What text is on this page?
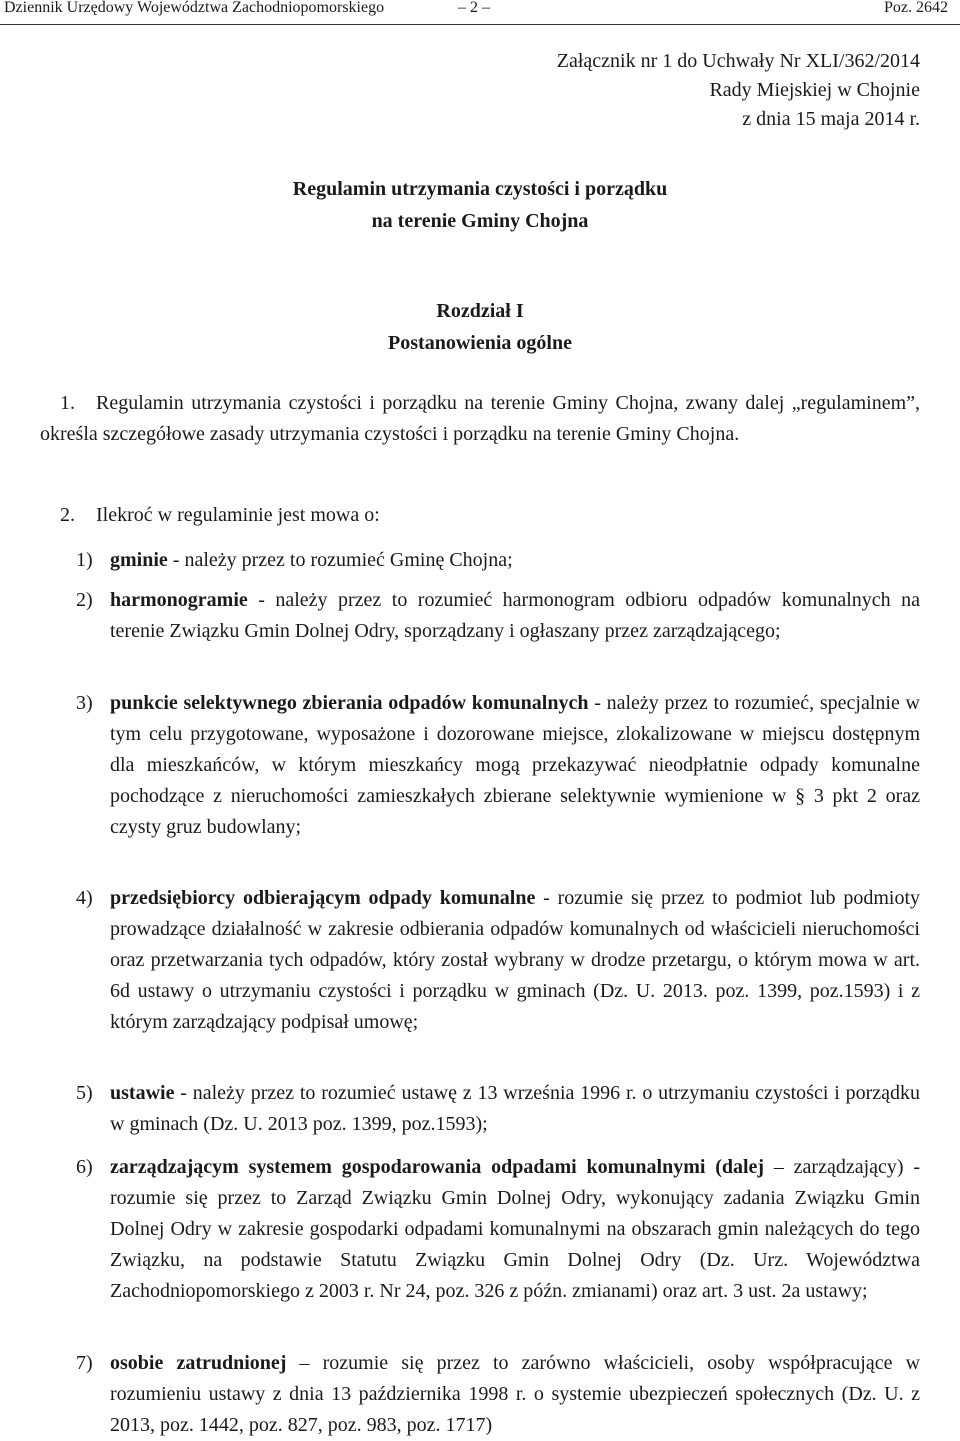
Dziennik Urzędowy Województwa Zachodniopomorskiego	– 2 –	Poz. 2642
Załącznik nr 1 do Uchwały Nr XLI/362/2014
Rady Miejskiej w Chojnie
z dnia 15 maja 2014 r.
Regulamin utrzymania czystości i porządku
na terenie Gminy Chojna
Rozdział I
Postanowienia ogólne
1. Regulamin utrzymania czystości i porządku na terenie Gminy Chojna, zwany dalej „regulaminem”, określa szczegółowe zasady utrzymania czystości i porządku na terenie Gminy Chojna.
2. Ilekroć w regulaminie jest mowa o:
1) gminie - należy przez to rozumieć Gminę Chojna;
2) harmonogramie - należy przez to rozumieć harmonogram odbioru odpadów komunalnych na terenie Związku Gmin Dolnej Odry, sporządzany i ogłaszany przez zarządzającego;
3) punkcie selektywnego zbierania odpadów komunalnych - należy przez to rozumieć, specjalnie w tym celu przygotowane, wyposażone i dozorowane miejsce, zlokalizowane w miejscu dostępnym dla mieszkańców, w którym mieszkańcy mogą przekazywać nieodpłatnie odpady komunalne pochodzące z nieruchomości zamieszkałych zbierane selektywnie wymienione w § 3 pkt 2 oraz czysty gruz budowlany;
4) przedsiębiorcy odbierającym odpady komunalne - rozumie się przez to podmiot lub podmioty prowadzące działalność w zakresie odbierania odpadów komunalnych od właścicieli nieruchomości oraz przetwarzania tych odpadów, który został wybrany w drodze przetargu, o którym mowa w art. 6d ustawy o utrzymaniu czystości i porządku w gminach (Dz. U. 2013. poz. 1399, poz.1593) i z którym zarządzający podpisał umowę;
5) ustawie - należy przez to rozumieć ustawę z 13 września 1996 r. o utrzymaniu czystości i porządku w gminach (Dz. U. 2013 poz. 1399, poz.1593);
6) zarządzającym systemem gospodarowania odpadami komunalnymi (dalej – zarządzający) - rozumie się przez to Zarząd Związku Gmin Dolnej Odry, wykonujący zadania Związku Gmin Dolnej Odry w zakresie gospodarki odpadami komunalnymi na obszarach gmin należących do tego Związku, na podstawie Statutu Związku Gmin Dolnej Odry (Dz. Urz. Województwa Zachodniopomorskiego z 2003 r. Nr 24, poz. 326 z późn. zmianami) oraz art. 3 ust. 2a ustawy;
7) osobie zatrudnionej – rozumie się przez to zarówno właścicieli, osoby współpracujące w rozumieniu ustawy z dnia 13 października 1998 r. o systemie ubezpieczeń społecznych (Dz. U. z 2013, poz. 1442, poz. 827, poz. 983, poz. 1717)
